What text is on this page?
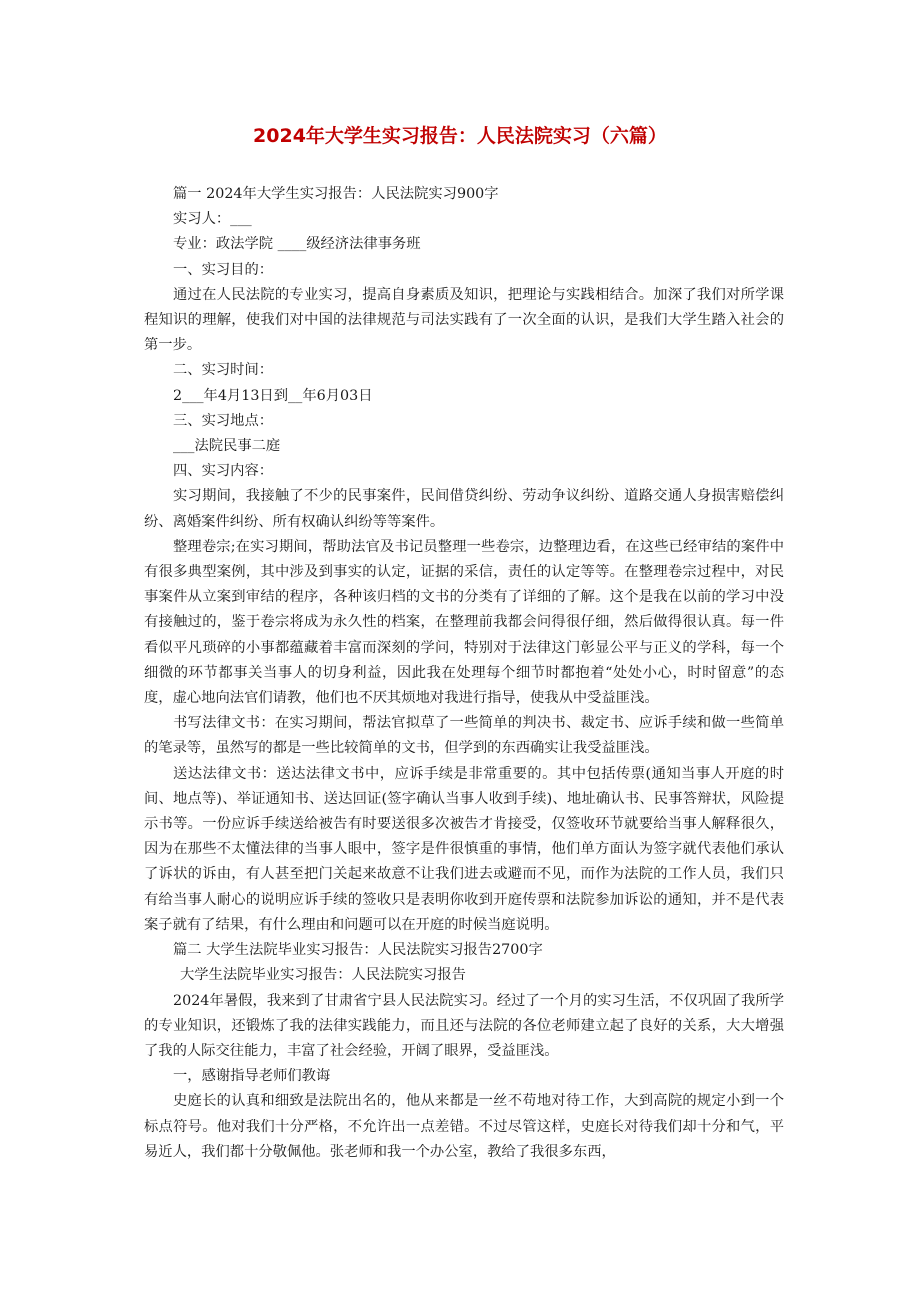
2024年大学生实习报告：人民法院实习（六篇）

篇一 2024年大学生实习报告：人民法院实习900字

实习人：___

专业：政法学院 ____级经济法律事务班

一、实习目的：

通过在人民法院的专业实习，提高自身素质及知识，把理论与实践相结合。加深了我们对所学课程知识的理解，使我们对中国的法律规范与司法实践有了一次全面的认识，是我们大学生踏入社会的第一步。

二、实习时间：

2___年4月13日到__年6月03日

三、实习地点：

___法院民事二庭

四、实习内容：

实习期间，我接触了不少的民事案件，民间借贷纠纷、劳动争议纠纷、道路交通人身损害赔偿纠纷、离婚案件纠纷、所有权确认纠纷等等案件。

整理卷宗;在实习期间，帮助法官及书记员整理一些卷宗，边整理边看，在这些已经审结的案件中有很多典型案例，其中涉及到事实的认定，证据的采信，责任的认定等等。在整理卷宗过程中，对民事案件从立案到审结的程序，各种该归档的文书的分类有了详细的了解。这个是我在以前的学习中没有接触过的，鉴于卷宗将成为永久性的档案，在整理前我都会问得很仔细，然后做得很认真。每一件看似平凡琐碎的小事都蕴藏着丰富而深刻的学问，特别对于法律这门彰显公平与正义的学科，每一个细微的环节都事关当事人的切身利益，因此我在处理每个细节时都抱着“处处小心，时时留意”的态度，虚心地向法官们请教，他们也不厌其烦地对我进行指导，使我从中受益匪浅。

书写法律文书：在实习期间，帮法官拟草了一些简单的判决书、裁定书、应诉手续和做一些简单的笔录等，虽然写的都是一些比较简单的文书，但学到的东西确实让我受益匪浅。

送达法律文书：送达法律文书中，应诉手续是非常重要的。其中包括传票(通知当事人开庭的时间、地点等)、举证通知书、送达回证(签字确认当事人收到手续)、地址确认书、民事答辩状，风险提示书等。一份应诉手续送给被告有时要送很多次被告才肯接受，仅签收环节就要给当事人解释很久，因为在那些不太懂法律的当事人眼中，签字是件很慎重的事情，他们单方面认为签字就代表他们承认了诉状的诉由，有人甚至把门关起来故意不让我们进去或避而不见，而作为法院的工作人员，我们只有给当事人耐心的说明应诉手续的签收只是表明你收到开庭传票和法院参加诉讼的通知，并不是代表案子就有了结果，有什么理由和问题可以在开庭的时候当庭说明。

篇二 大学生法院毕业实习报告：人民法院实习报告2700字

大学生法院毕业实习报告：人民法院实习报告

2024年暑假，我来到了甘肃省宁县人民法院实习。经过了一个月的实习生活，不仅巩固了我所学的专业知识，还锻炼了我的法律实践能力，而且还与法院的各位老师建立起了良好的关系，大大增强了我的人际交往能力，丰富了社会经验，开阔了眼界，受益匪浅。

一，感谢指导老师们教诲

史庭长的认真和细致是法院出名的，他从来都是一丝不苟地对待工作，大到高院的规定小到一个标点符号。他对我们十分严格，不允许出一点差错。不过尽管这样，史庭长对待我们却十分和气，平易近人，我们都十分敬佩他。张老师和我一个办公室，教给了我很多东西，
